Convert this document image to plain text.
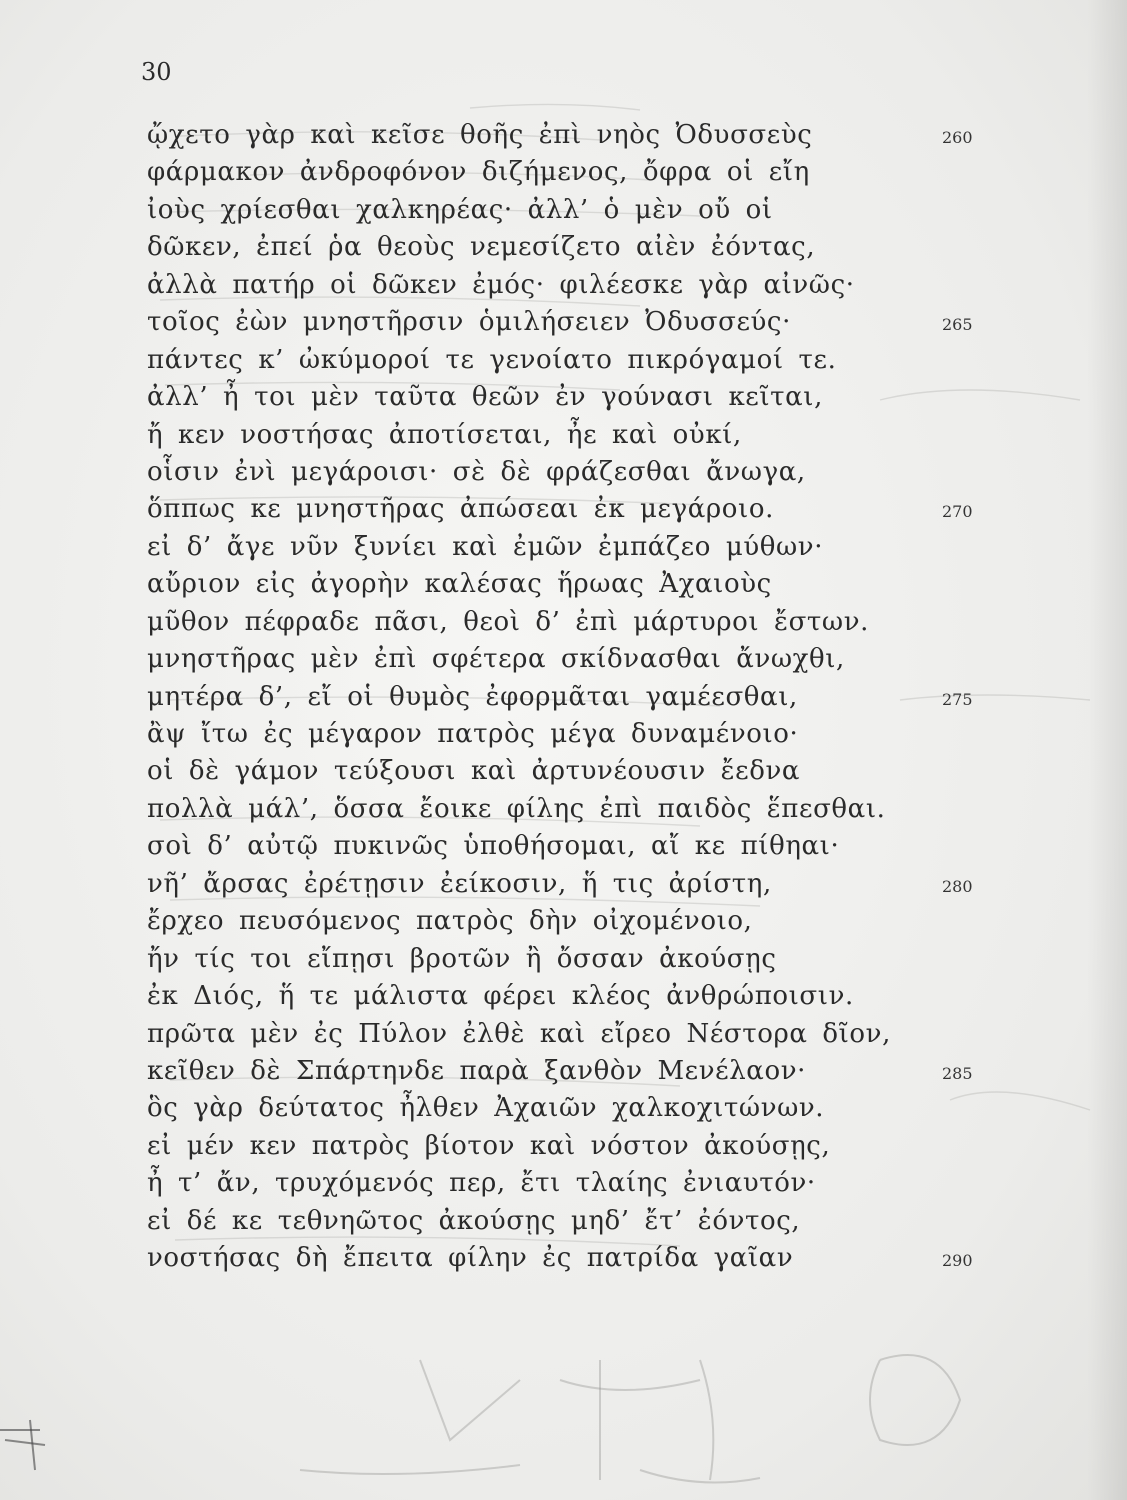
30
ᾤχετο γὰρ καὶ κεῖσε θοῆς ἐπὶ νηὸς Ὀδυσσεὺς	260
φάρμακον ἀνδροφόνον διζήμενος, ὄφρα οἱ εἴη
ἰοὺς χρίεσθαι χαλκηρέας· ἀλλ’ ὁ μὲν οὔ οἱ
δῶκεν, ἐπεί ῥα θεοὺς νεμεσίζετο αἰὲν ἐόντας,
ἀλλὰ πατήρ οἱ δῶκεν ἐμός· φιλέεσκε γὰρ αἰνῶς·
τοῖος ἐὼν μνηστῆρσιν ὁμιλήσειεν Ὀδυσσεύς·	265
πάντες κ’ ὠκύμοροί τε γενοίατο πικρόγαμοί τε.
ἀλλ’ ἦ τοι μὲν ταῦτα θεῶν ἐν γούνασι κεῖται,
ἤ κεν νοστήσας ἀποτίσεται, ἦε καὶ οὐκί,
οἷσιν ἐνὶ μεγάροισι· σὲ δὲ φράζεσθαι ἄνωγα,
ὅππως κε μνηστῆρας ἀπώσεαι ἐκ μεγάροιο.	270
εἰ δ’ ἄγε νῦν ξυνίει καὶ ἐμῶν ἐμπάζεο μύθων·
αὔριον εἰς ἀγορὴν καλέσας ἥρωας Ἀχαιοὺς
μῦθον πέφραδε πᾶσι, θεοὶ δ’ ἐπὶ μάρτυροι ἔστων.
μνηστῆρας μὲν ἐπὶ σφέτερα σκίδνασθαι ἄνωχθι,
μητέρα δ’, εἴ οἱ θυμὸς ἐφορμᾶται γαμέεσθαι,	275
ἂψ ἴτω ἐς μέγαρον πατρὸς μέγα δυναμένοιο·
οἱ δὲ γάμον τεύξουσι καὶ ἀρτυνέουσιν ἔεδνα
πολλὰ μάλ’, ὅσσα ἔοικε φίλης ἐπὶ παιδὸς ἕπεσθαι.
σοὶ δ’ αὐτῷ πυκινῶς ὑποθήσομαι, αἴ κε πίθηαι·
νῆ’ ἄρσας ἐρέτῃσιν ἐείκοσιν, ἥ τις ἀρίστη,	280
ἔρχεο πευσόμενος πατρὸς δὴν οἰχομένοιο,
ἤν τίς τοι εἴπῃσι βροτῶν ἢ ὄσσαν ἀκούσῃς
ἐκ Διός, ἥ τε μάλιστα φέρει κλέος ἀνθρώποισιν.
πρῶτα μὲν ἐς Πύλον ἐλθὲ καὶ εἴρεο Νέστορα δῖον,
κεῖθεν δὲ Σπάρτηνδε παρὰ ξανθὸν Μενέλαον·	285
ὃς γὰρ δεύτατος ἦλθεν Ἀχαιῶν χαλκοχιτώνων.
εἰ μέν κεν πατρὸς βίοτον καὶ νόστον ἀκούσῃς,
ἦ τ’ ἄν, τρυχόμενός περ, ἔτι τλαίης ἐνιαυτόν·
εἰ δέ κε τεθνηῶτος ἀκούσῃς μηδ’ ἔτ’ ἐόντος,
νοστήσας δὴ ἔπειτα φίλην ἐς πατρίδα γαῖαν	290
